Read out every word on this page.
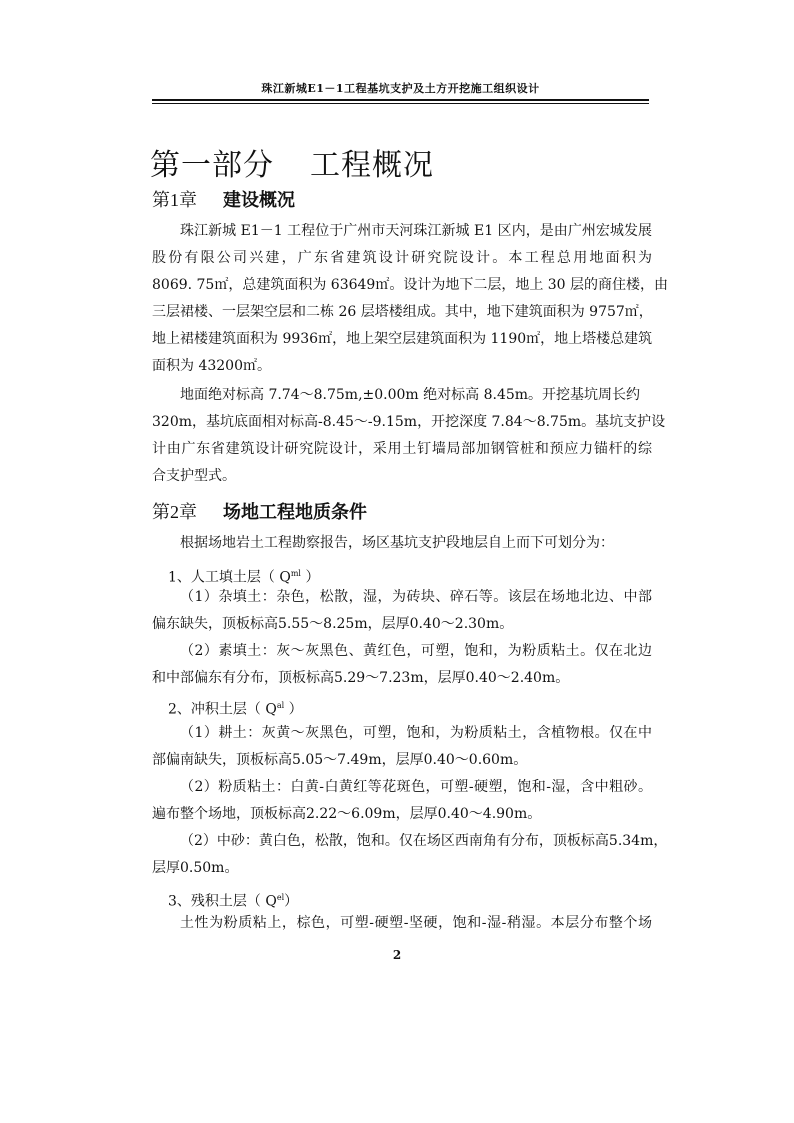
珠江新城E1－1工程基坑支护及土方开挖施工组织设计
第一部分 工程概况
第1章 建设概况
珠江新城 E1－1 工程位于广州市天河珠江新城 E1 区内，是由广州宏城发展
股份有限公司兴建，广东省建筑设计研究院设计。本工程总用地面积为
8069. 75㎡，总建筑面积为 63649㎡。设计为地下二层，地上 30 层的商住楼，由
三层裙楼、一层架空层和二栋 26 层塔楼组成。其中，地下建筑面积为 9757㎡，
地上裙楼建筑面积为 9936㎡，地上架空层建筑面积为 1190㎡，地上塔楼总建筑
面积为 43200㎡。
地面绝对标高 7.74～8.75m,±0.00m 绝对标高 8.45m。开挖基坑周长约
320m，基坑底面相对标高-8.45～-9.15m，开挖深度 7.84～8.75m。基坑支护设
计由广东省建筑设计研究院设计，采用土钉墙局部加钢管桩和预应力锚杆的综
合支护型式。
第2章 场地工程地质条件
根据场地岩土工程勘察报告，场区基坑支护段地层自上而下可划分为：
1、人工填土层（ $Q^{ml}$ ）
（1）杂填土：杂色，松散，湿，为砖块、碎石等。该层在场地北边、中部
偏东缺失，顶板标高5.55～8.25m，层厚0.40～2.30m。
（2）素填土：灰～灰黑色、黄红色，可塑，饱和，为粉质粘土。仅在北边
和中部偏东有分布，顶板标高5.29～7.23m，层厚0.40～2.40m。
2、冲积土层（ $Q^{al}$ ）
（1）耕土：灰黄～灰黑色，可塑，饱和，为粉质粘土，含植物根。仅在中
部偏南缺失，顶板标高5.05～7.49m，层厚0.40～0.60m。
（2）粉质粘土：白黄-白黄红等花斑色，可塑-硬塑，饱和-湿，含中粗砂。
遍布整个场地，顶板标高2.22～6.09m，层厚0.40～4.90m。
（2）中砂：黄白色，松散，饱和。仅在场区西南角有分布，顶板标高5.34m，
层厚0.50m。
3、残积土层（ $Q^{el}$）
土性为粉质粘上，棕色，可塑-硬塑-坚硬，饱和-湿-稍湿。本层分布整个场
2
